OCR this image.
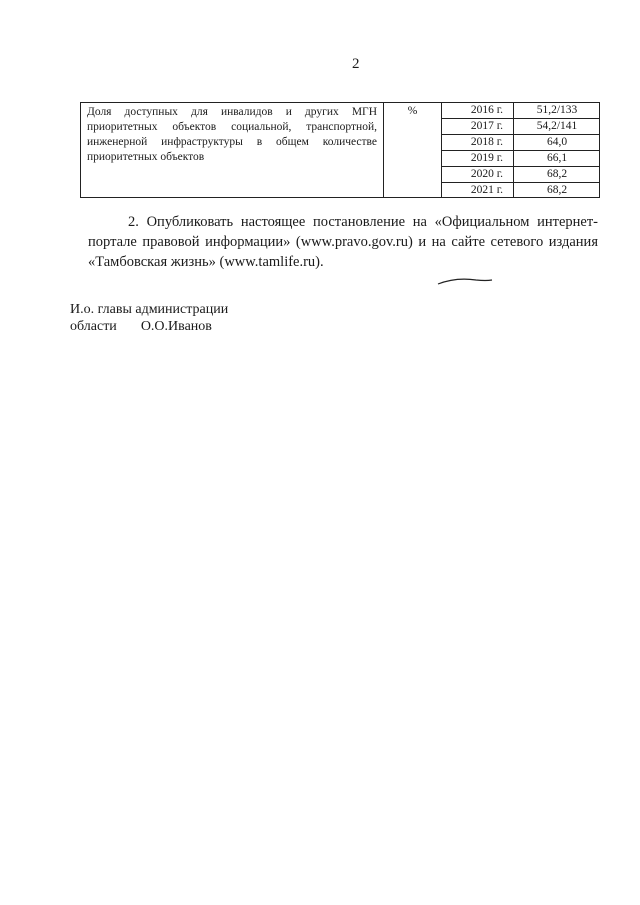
2
Доля доступных для инвалидов и других МГН приоритетных объектов социальной, транспортной, инженерной инфраструктуры в общем количестве приоритетных объектов
%	2016 г.	51,2/133
2017 г.	54,2/141
2018 г.	64,0
2019 г.	66,1
2020 г.	68,2
2021 г.	68,2
2. Опубликовать настоящее постановление на «Официальном интернет-портале правовой информации» (www.pravo.gov.ru) и на сайте сетевого издания «Тамбовская жизнь» (www.tamlife.ru).
И.о. главы администрации
области О.О.Иванов
